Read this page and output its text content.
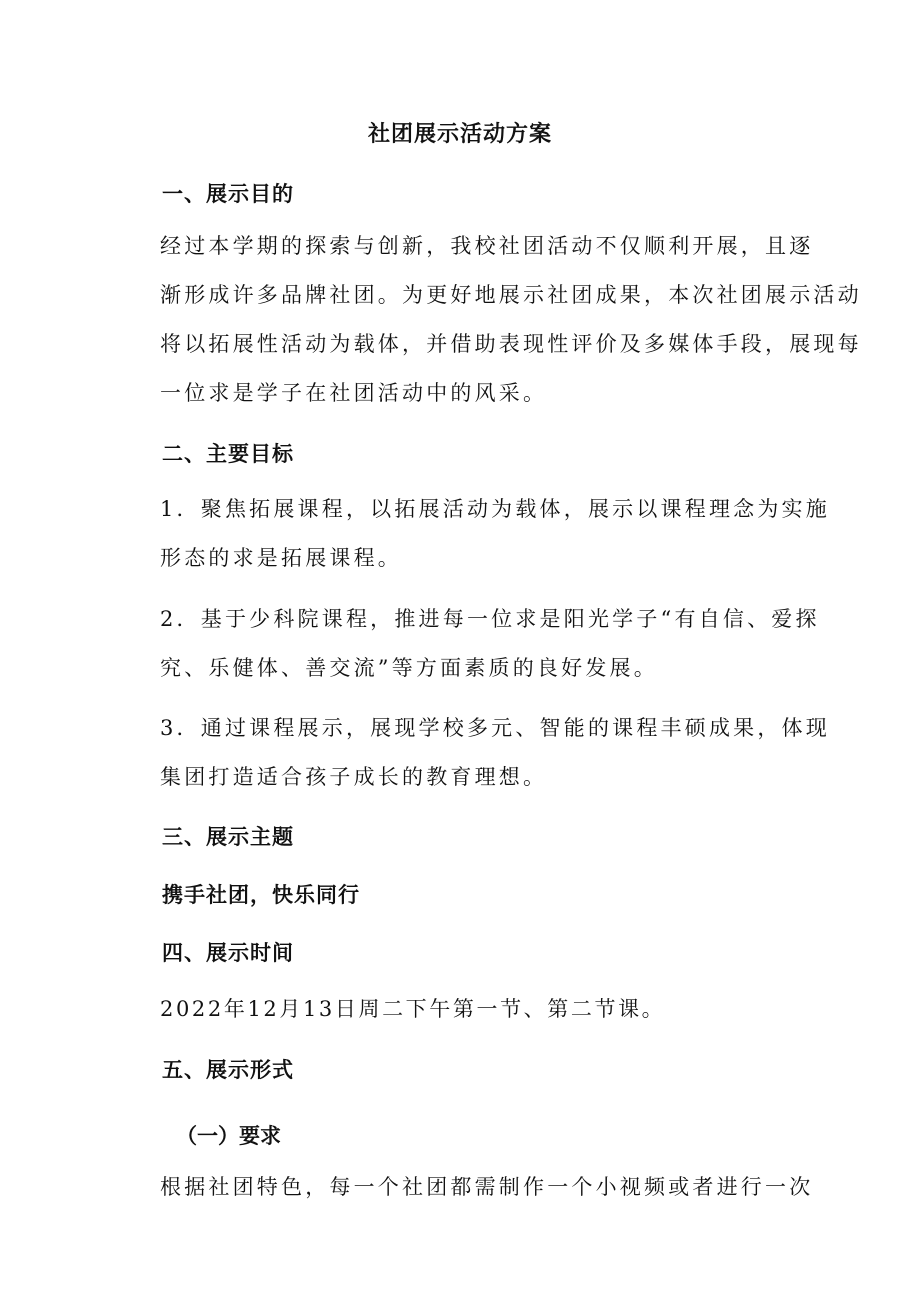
社团展示活动方案
一、展示目的
经过本学期的探索与创新，我校社团活动不仅顺利开展，且逐
渐形成许多品牌社团。为更好地展示社团成果，本次社团展示活动
将以拓展性活动为载体，并借助表现性评价及多媒体手段，展现每
一位求是学子在社团活动中的风采。
二、主要目标
1．聚焦拓展课程，以拓展活动为载体，展示以课程理念为实施
形态的求是拓展课程。
2．基于少科院课程，推进每一位求是阳光学子“有自信、爱探
究、乐健体、善交流”等方面素质的良好发展。
3．通过课程展示，展现学校多元、智能的课程丰硕成果，体现
集团打造适合孩子成长的教育理想。
三、展示主题
携手社团，快乐同行
四、展示时间
2022年12月13日周二下午第一节、第二节课。
五、展示形式
（一）要求
根据社团特色，每一个社团都需制作一个小视频或者进行一次
